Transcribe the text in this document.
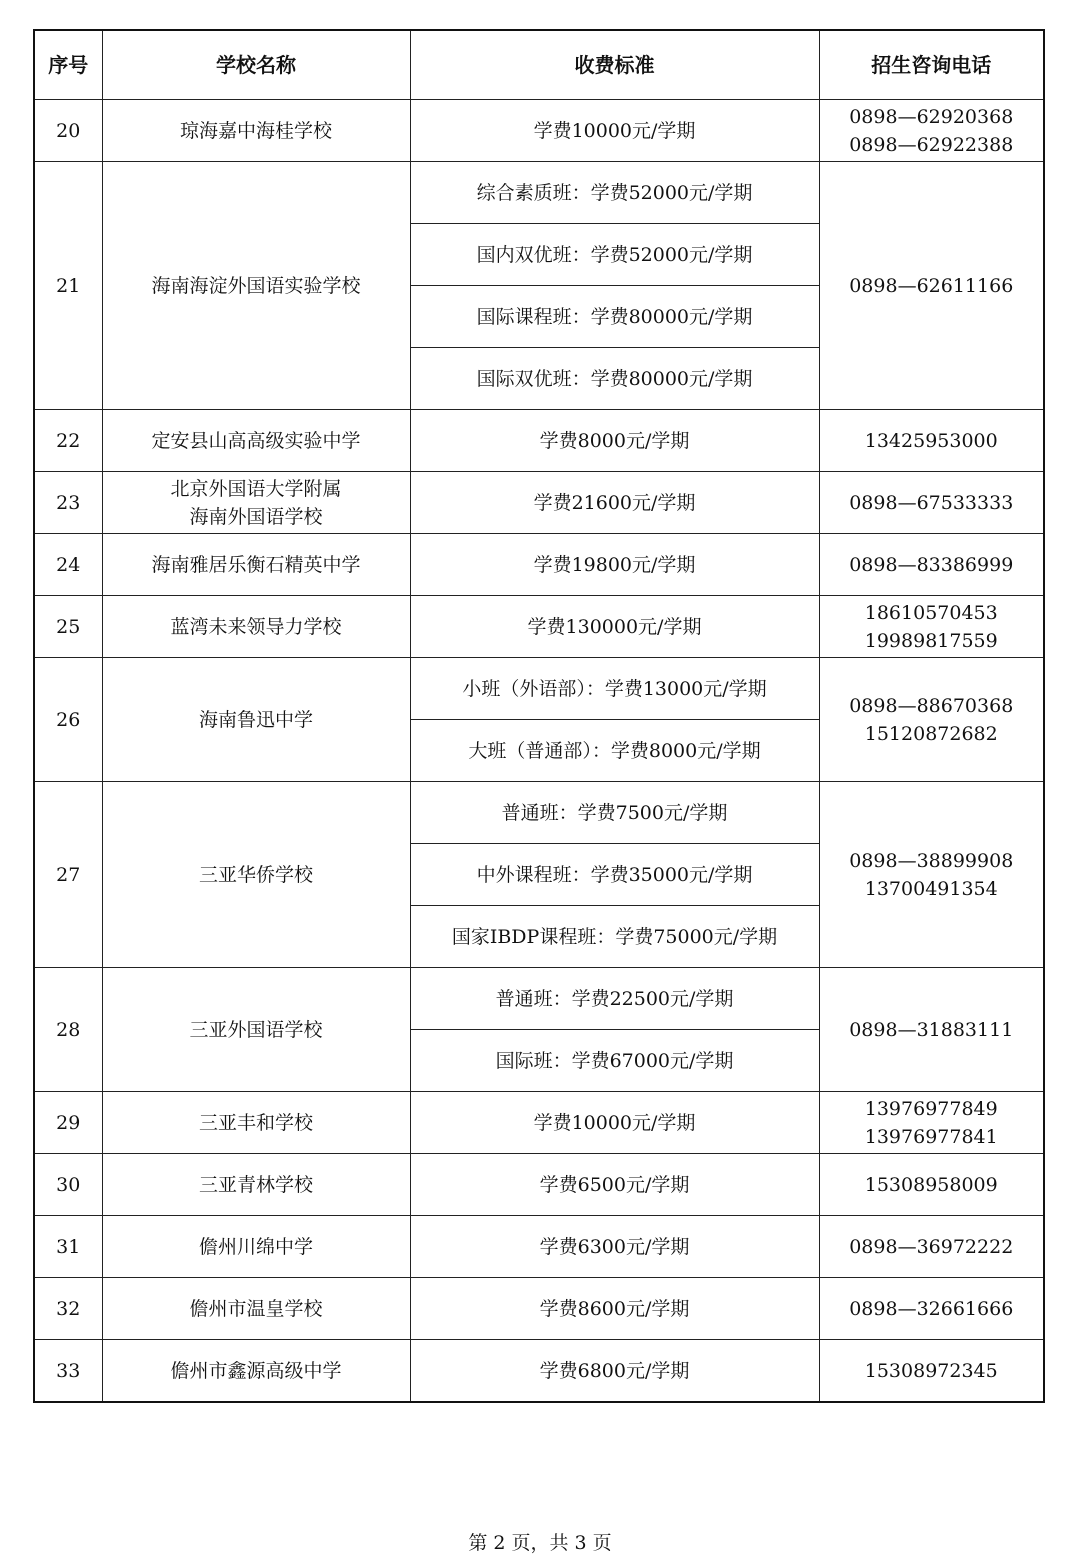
序号	学校名称	收费标准	招生咨询电话
20	琼海嘉中海桂学校	学费10000元/学期	0898—62920368
0898—62922388

21	海南海淀外国语实验学校	综合素质班：学费52000元/学期	0898—62611166

		国内双优班：学费52000元/学期	
		国际课程班：学费80000元/学期	
		国际双优班：学费80000元/学期	
22	定安县山高高级实验中学	学费8000元/学期	13425953000

23	北京外国语大学附属
海南外国语学校	学费21600元/学期	0898—67533333

24	海南雅居乐衡石精英中学	学费19800元/学期	0898—83386999

25	蓝湾未来领导力学校	学费130000元/学期	18610570453
19989817559

26	海南鲁迅中学	小班（外语部）：学费13000元/学期	0898—88670368
15120872682

		大班（普通部）：学费8000元/学期	
27	三亚华侨学校	普通班：学费7500元/学期	0898—38899908
13700491354

		中外课程班：学费35000元/学期	
		国家IBDP课程班：学费75000元/学期	
28	三亚外国语学校	普通班：学费22500元/学期	0898—31883111

		国际班：学费67000元/学期	
29	三亚丰和学校	学费10000元/学期	13976977849
13976977841

30	三亚青林学校	学费6500元/学期	15308958009

31	儋州川绵中学	学费6300元/学期	0898—36972222

32	儋州市温皇学校	学费8600元/学期	0898—32661666

33	儋州市鑫源高级中学	学费6800元/学期	15308972345
第 2 页，共 3 页
